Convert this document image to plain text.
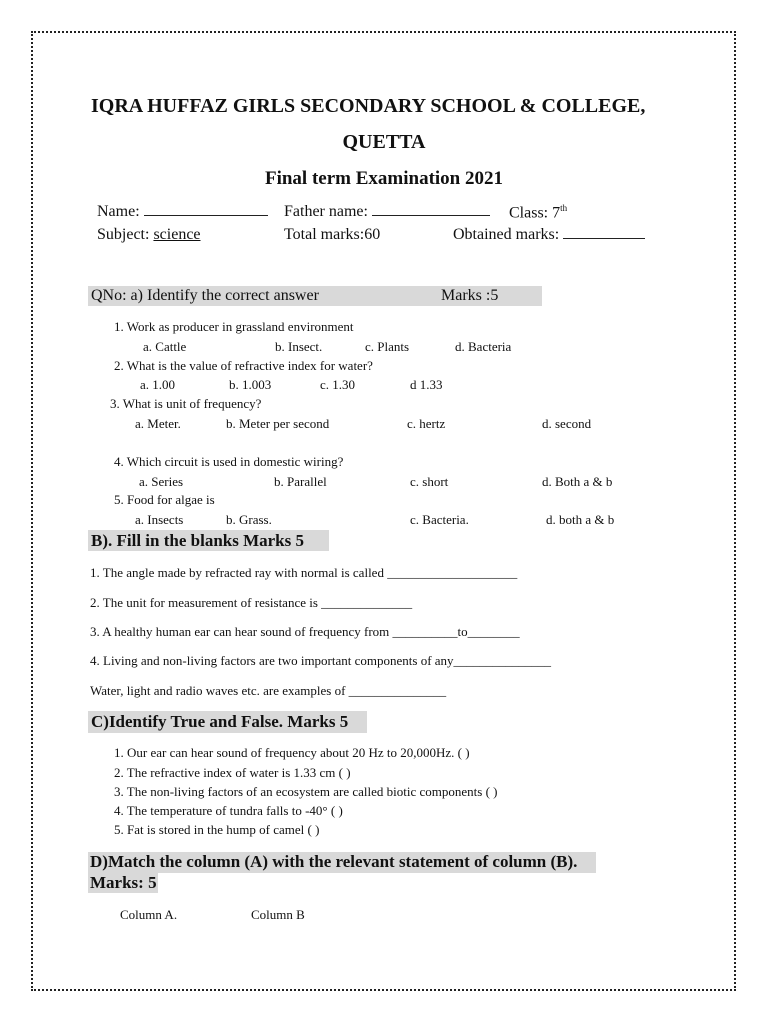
IQRA HUFFAZ GIRLS SECONDARY SCHOOL & COLLEGE,
QUETTA
Final term Examination 2021
Name:	Father name:	Class: 7th
Subject: science	Total marks:60	Obtained marks:
QNo: a) Identify the correct answer	Marks :5
1. Work as producer in grassland environment
a. Cattle	b. Insect.	c. Plants	d. Bacteria
2. What is the value of refractive index for water?
a. 1.00	b. 1.003	c. 1.30	d 1.33
3. What is unit of frequency?
a. Meter.	b. Meter per second	c. hertz	d. second
4. Which circuit is used in domestic wiring?
a. Series	b. Parallel	c. short	d. Both a & b
5. Food for algae is
a. Insects	b. Grass.	c. Bacteria.	d. both a & b
B). Fill in the blanks Marks 5
1. The angle made by refracted ray with normal is called ____________________
2. The unit for measurement of resistance is ______________
3. A healthy human ear can hear sound of frequency from __________to________
4. Living and non-living factors are two important components of any_______________
Water, light and radio waves etc. are examples of _______________
C)Identify True and False. Marks 5
1. Our ear can hear sound of frequency about 20 Hz to 20,000Hz. ( )
2. The refractive index of water is 1.33 cm ( )
3. The non-living factors of an ecosystem are called biotic components ( )
4. The temperature of tundra falls to -40° ( )
5. Fat is stored in the hump of camel ( )
D)Match the column (A) with the relevant statement of column (B).
Marks: 5
Column A.	Column B
